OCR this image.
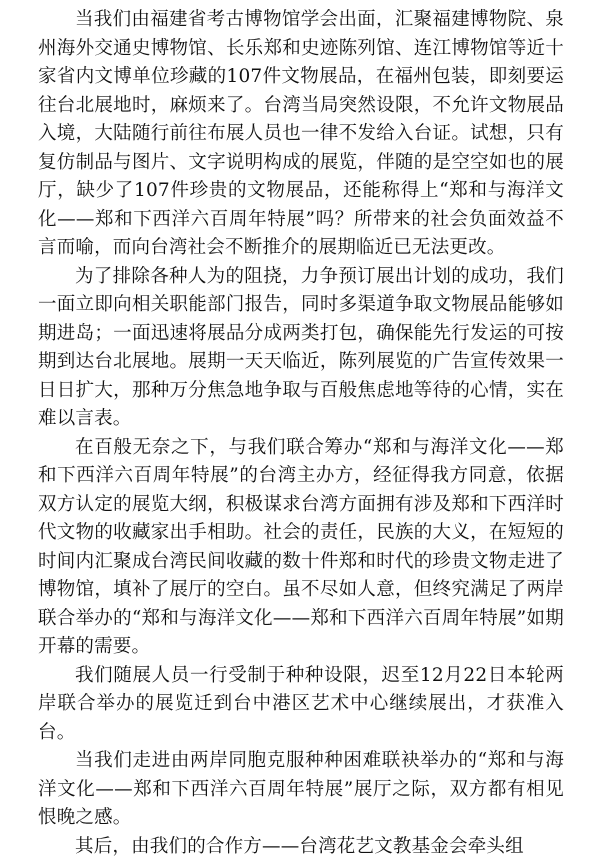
当我们由福建省考古博物馆学会出面，汇聚福建博物院、泉州海外交通史博物馆、长乐郑和史迹陈列馆、连江博物馆等近十家省内文博单位珍藏的107件文物展品，在福州包装，即刻要运往台北展地时，麻烦来了。台湾当局突然设限，不允许文物展品入境，大陆随行前往布展人员也一律不发给入台证。试想，只有复仿制品与图片、文字说明构成的展览，伴随的是空空如也的展厅，缺少了107件珍贵的文物展品，还能称得上“郑和与海洋文化——郑和下西洋六百周年特展”吗？所带来的社会负面效益不言而喻，而向台湾社会不断推介的展期临近已无法更改。

为了排除各种人为的阻挠，力争预订展出计划的成功，我们一面立即向相关职能部门报告，同时多渠道争取文物展品能够如期进岛；一面迅速将展品分成两类打包，确保能先行发运的可按期到达台北展地。展期一天天临近，陈列展览的广告宣传效果一日日扩大，那种万分焦急地争取与百般焦虑地等待的心情，实在难以言表。

在百般无奈之下，与我们联合筹办“郑和与海洋文化——郑和下西洋六百周年特展”的台湾主办方，经征得我方同意，依据双方认定的展览大纲，积极谋求台湾方面拥有涉及郑和下西洋时代文物的收藏家出手相助。社会的责任，民族的大义，在短短的时间内汇聚成台湾民间收藏的数十件郑和时代的珍贵文物走进了博物馆，填补了展厅的空白。虽不尽如人意，但终究满足了两岸联合举办的“郑和与海洋文化——郑和下西洋六百周年特展”如期开幕的需要。

我们随展人员一行受制于种种设限，迟至12月22日本轮两岸联合举办的展览迁到台中港区艺术中心继续展出，才获准入台。

当我们走进由两岸同胞克服种种困难联袂举办的“郑和与海洋文化——郑和下西洋六百周年特展”展厅之际，双方都有相见恨晚之感。

其后，由我们的合作方——台湾花艺文教基金会牵头组
